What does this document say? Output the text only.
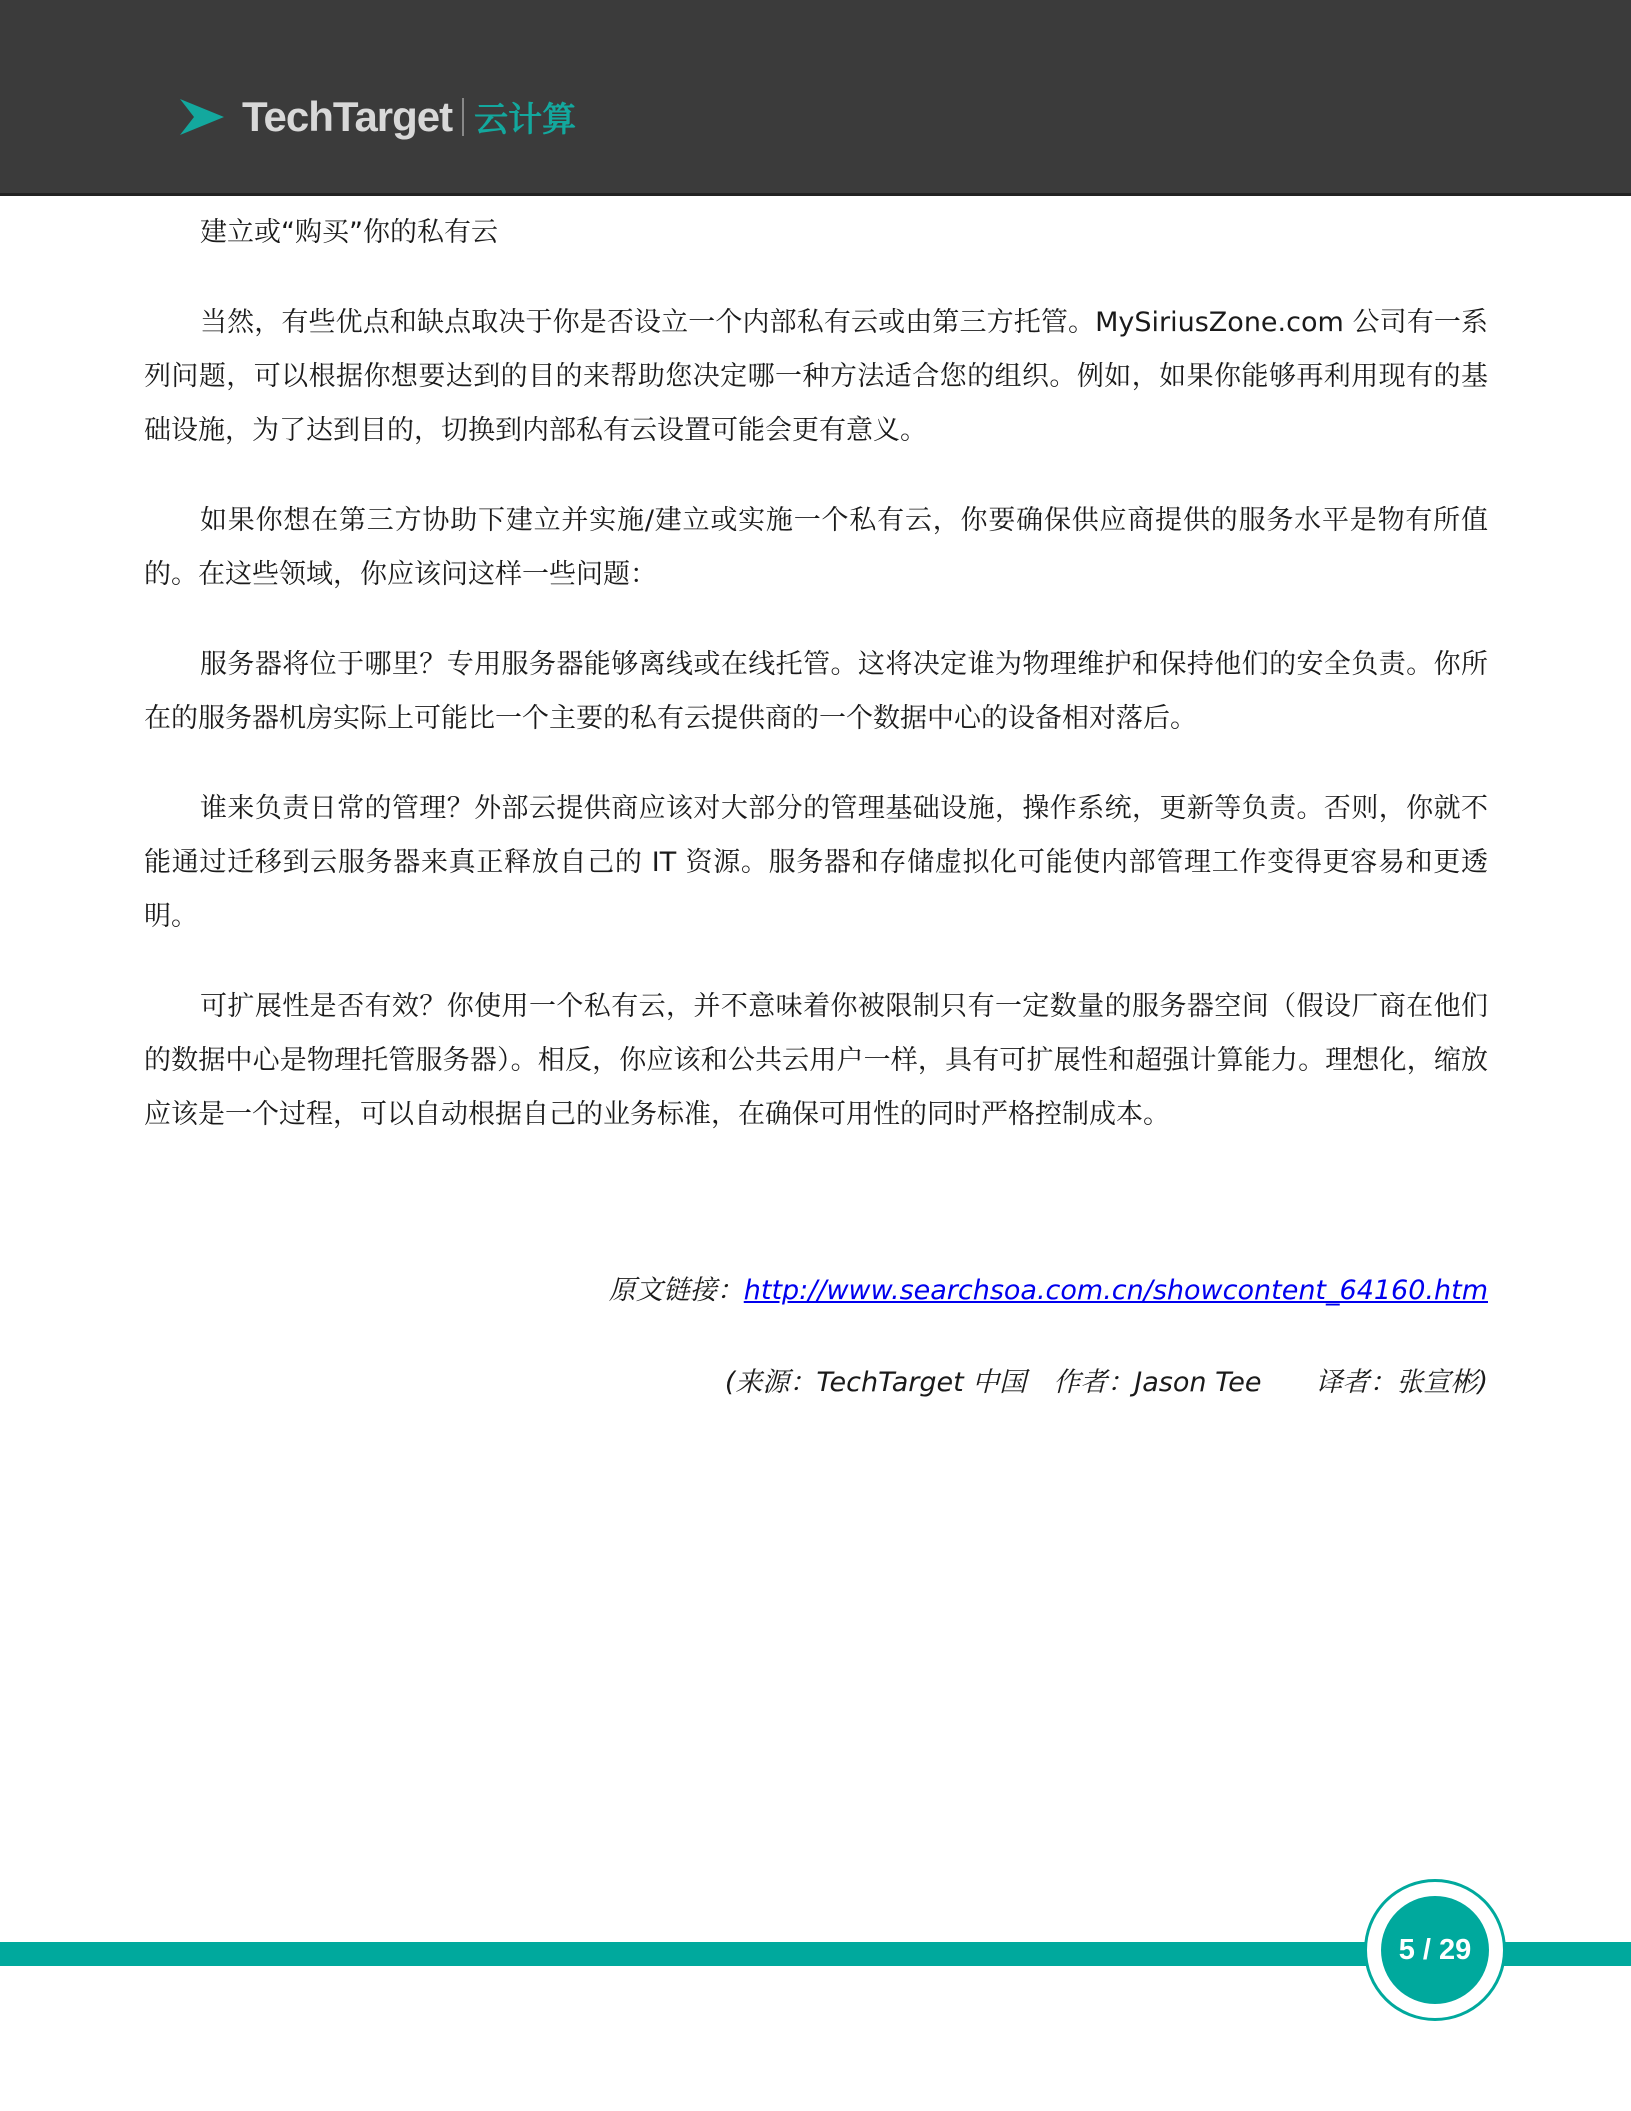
TechTarget 云计算

建立或“购买”你的私有云

当然，有些优点和缺点取决于你是否设立一个内部私有云或由第三方托管。MySiriusZone.com 公司有一系列问题，可以根据你想要达到的目的来帮助您决定哪一种方法适合您的组织。例如，如果你能够再利用现有的基础设施，为了达到目的，切换到内部私有云设置可能会更有意义。

如果你想在第三方协助下建立并实施/建立或实施一个私有云，你要确保供应商提供的服务水平是物有所值的。在这些领域，你应该问这样一些问题：

服务器将位于哪里？专用服务器能够离线或在线托管。这将决定谁为物理维护和保持他们的安全负责。你所在的服务器机房实际上可能比一个主要的私有云提供商的一个数据中心的设备相对落后。

谁来负责日常的管理？外部云提供商应该对大部分的管理基础设施，操作系统，更新等负责。否则，你就不能通过迁移到云服务器来真正释放自己的 IT 资源。服务器和存储虚拟化可能使内部管理工作变得更容易和更透明。

可扩展性是否有效？你使用一个私有云，并不意味着你被限制只有一定数量的服务器空间（假设厂商在他们的数据中心是物理托管服务器）。相反，你应该和公共云用户一样，具有可扩展性和超强计算能力。理想化，缩放应该是一个过程，可以自动根据自己的业务标准，在确保可用性的同时严格控制成本。

原文链接：http://www.searchsoa.com.cn/showcontent_64160.htm
(来源：TechTarget 中国　作者：Jason Tee　　译者：张宣彬)
5 / 29
